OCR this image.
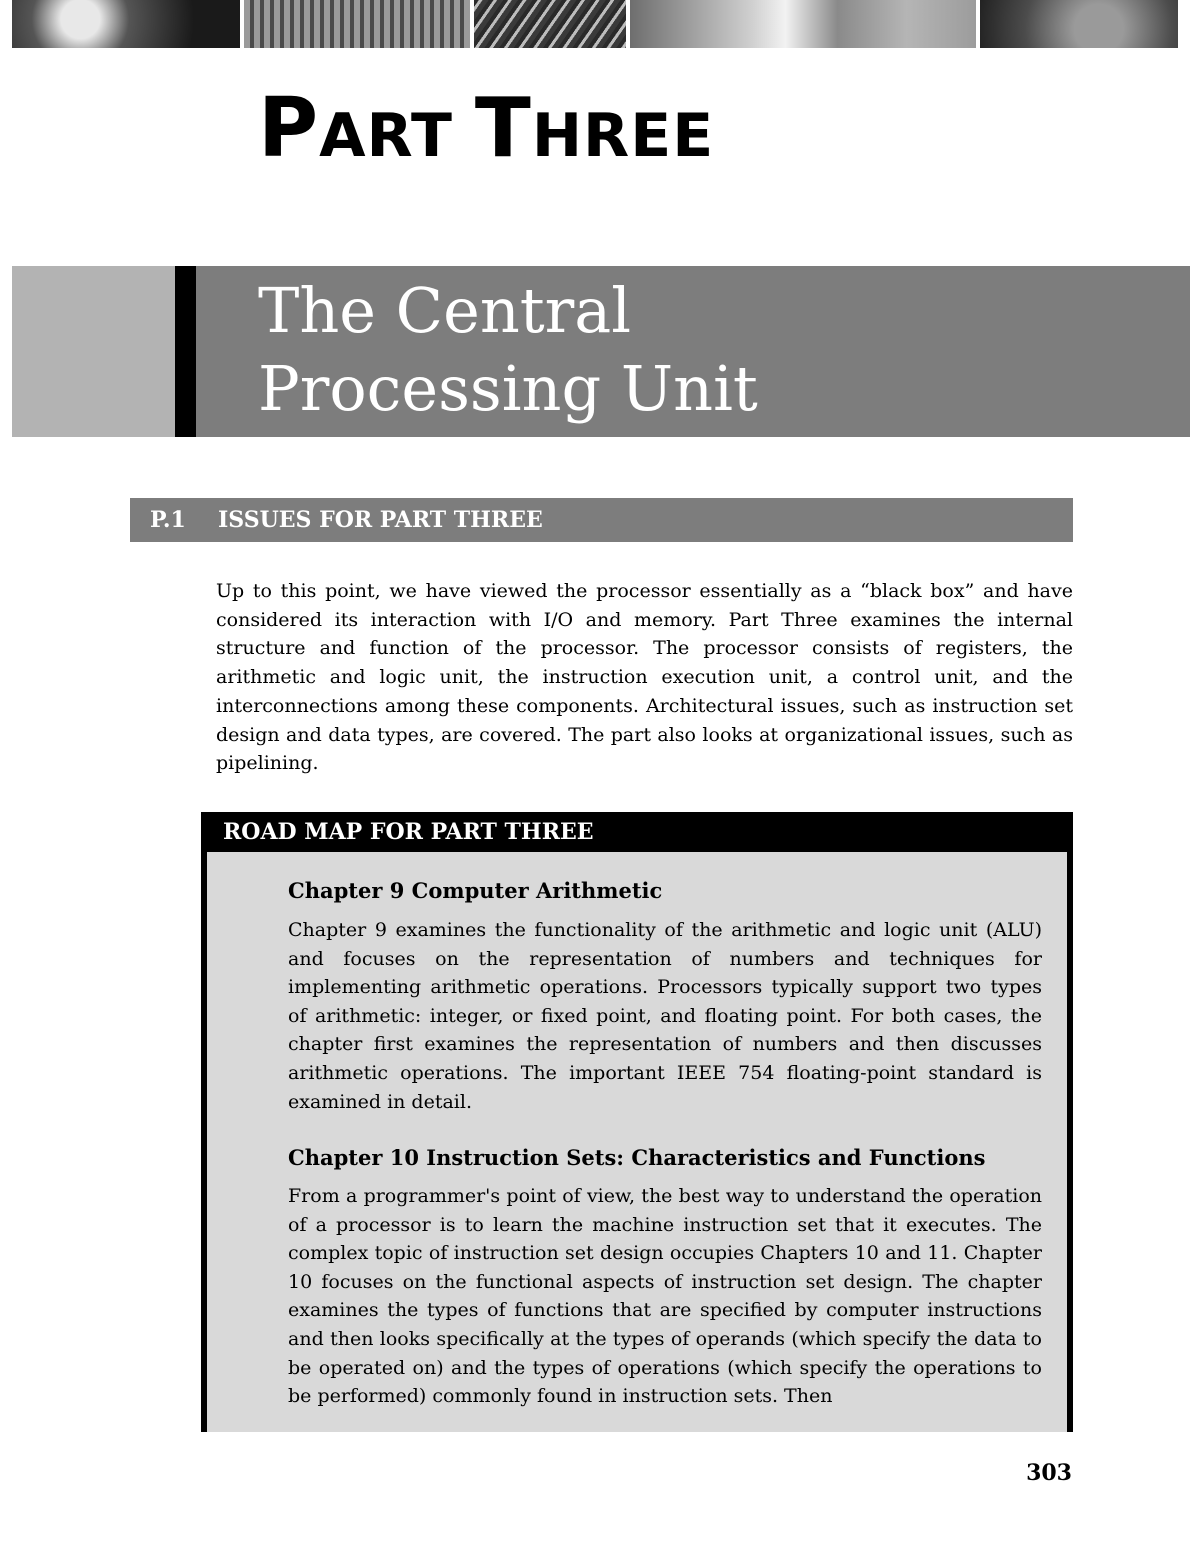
PART THREE
The Central
Processing Unit
P.1 ISSUES FOR PART THREE

Up to this point, we have viewed the processor essentially as a “black box” and have considered its interaction with I/O and memory. Part Three examines the internal structure and function of the processor. The processor consists of registers, the arithmetic and logic unit, the instruction execution unit, a control unit, and the interconnections among these components. Architectural issues, such as instruction set design and data types, are covered. The part also looks at organizational issues, such as pipelining.

ROAD MAP FOR PART THREE
Chapter 9 Computer Arithmetic

Chapter 9 examines the functionality of the arithmetic and logic unit (ALU) and focuses on the representation of numbers and techniques for implementing arithmetic operations. Processors typically support two types of arithmetic: integer, or fixed point, and floating point. For both cases, the chapter first examines the representation of numbers and then discusses arithmetic operations. The important IEEE 754 floating-point standard is examined in detail.

Chapter 10 Instruction Sets: Characteristics and Functions

From a programmer's point of view, the best way to understand the operation of a processor is to learn the machine instruction set that it executes. The complex topic of instruction set design occupies Chapters 10 and 11. Chapter 10 focuses on the functional aspects of instruction set design. The chapter examines the types of functions that are specified by computer instructions and then looks specifically at the types of operands (which specify the data to be operated on) and the types of operations (which specify the operations to be performed) commonly found in instruction sets. Then

303
